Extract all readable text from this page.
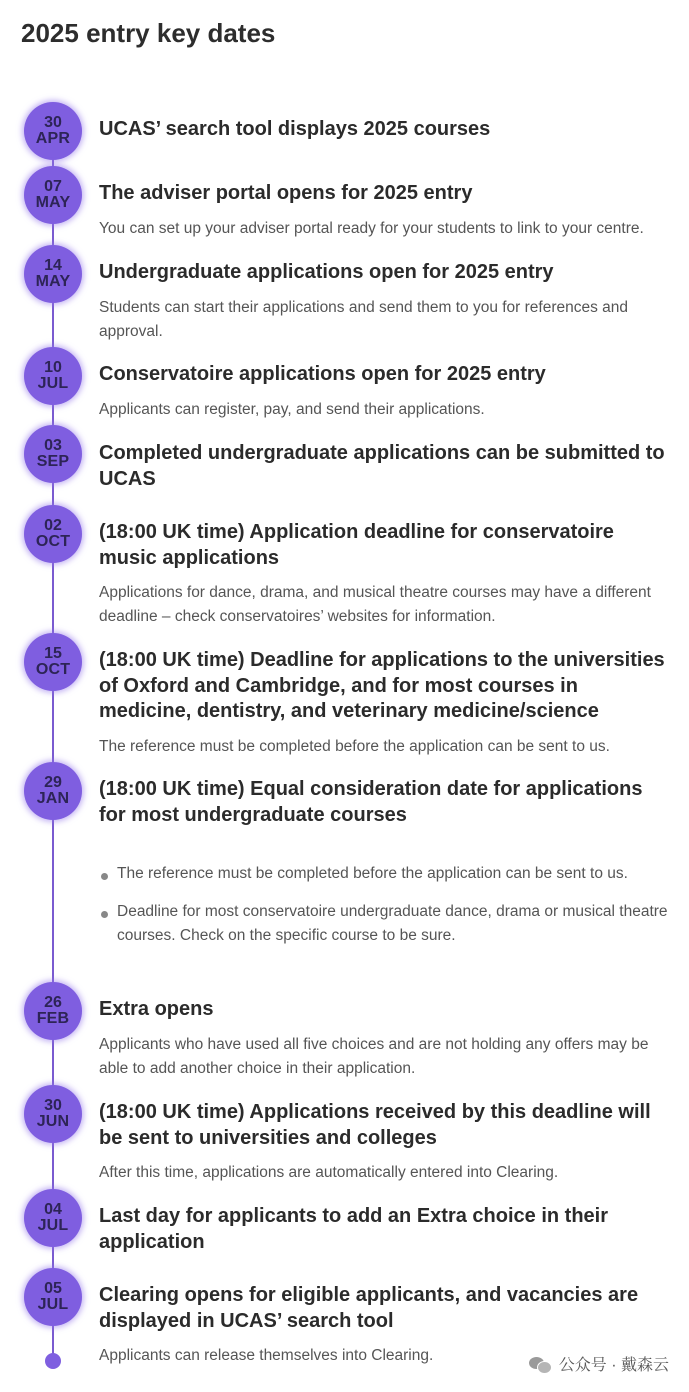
2025 entry key dates
30
APR UCAS’ search tool displays 2025 courses
07
MAY The adviser portal opens for 2025 entry

You can set up your adviser portal ready for your students to link to your centre.

14
MAY Undergraduate applications open for 2025 entry

Students can start their applications and send them to you for references and approval.

10
JUL Conservatoire applications open for 2025 entry

Applicants can register, pay, and send their applications.

03
SEP Completed undergraduate applications can be submitted to UCAS
02
OCT (18:00 UK time) Application deadline for conservatoire music applications

Applications for dance, drama, and musical theatre courses may have a different deadline – check conservatoires’ websites for information.

15
OCT (18:00 UK time) Deadline for applications to the universities of Oxford and Cambridge, and for most courses in medicine, dentistry, and veterinary medicine/science

The reference must be completed before the application can be sent to us.

29
JAN (18:00 UK time) Equal consideration date for applications for most undergraduate courses
The reference must be completed before the application can be sent to us.
Deadline for most conservatoire undergraduate dance, drama or musical theatre courses. Check on the specific course to be sure.
26
FEB Extra opens

Applicants who have used all five choices and are not holding any offers may be able to add another choice in their application.

30
JUN (18:00 UK time) Applications received by this deadline will be sent to universities and colleges

After this time, applications are automatically entered into Clearing.

04
JUL Last day for applicants to add an Extra choice in their application
05
JUL Clearing opens for eligible applicants, and vacancies are displayed in UCAS’ search tool

Applicants can release themselves into Clearing.

公众号 · 戴森云
